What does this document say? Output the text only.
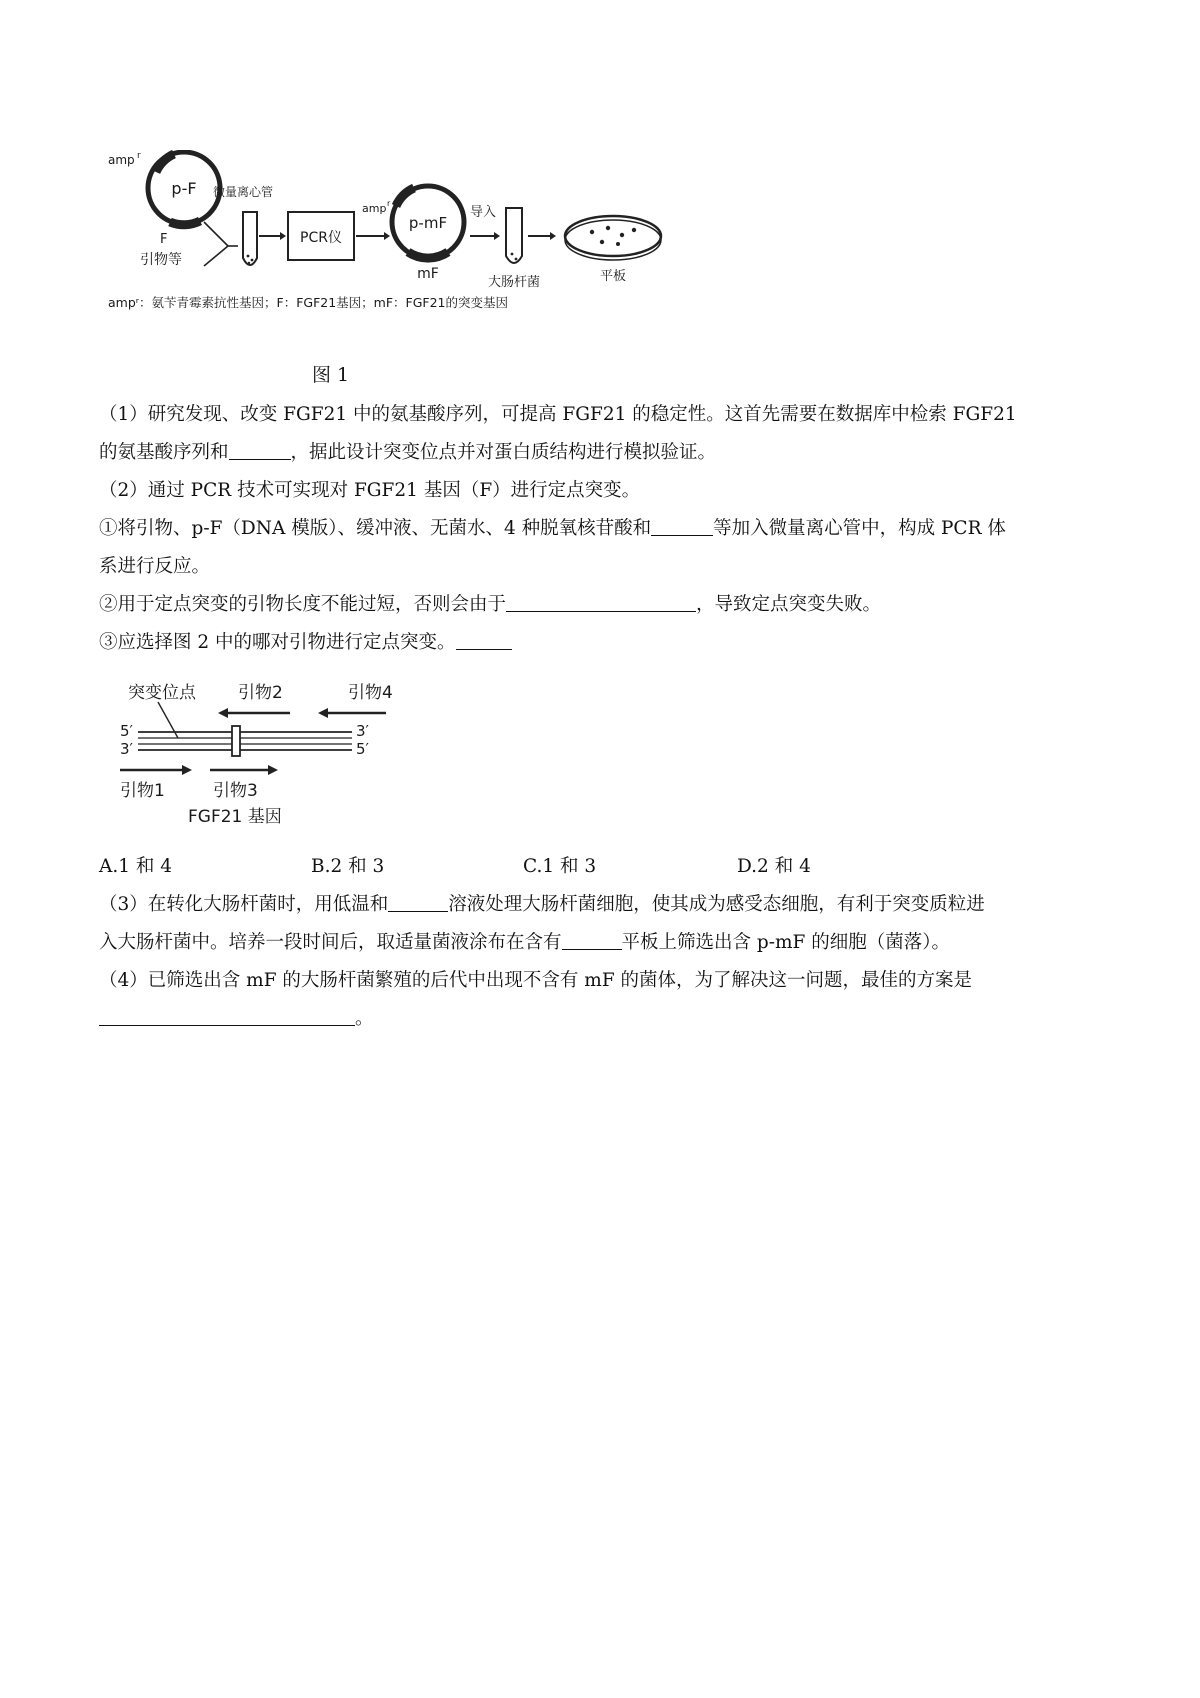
p-F
amp r
F
引物等
微量离心管
PCR仪
amp r
p-mF
mF
导入
大肠杆菌	平板
ampʳ：氨苄青霉素抗性基因；F：FGF21基因；mF：FGF21的突变基因
图 1
（1）研究发现、改变 FGF21 中的氨基酸序列，可提高 FGF21 的稳定性。这首先需要在数据库中检索 FGF21
的氨基酸序列和	，据此设计突变位点并对蛋白质结构进行模拟验证。
（2）通过 PCR 技术可实现对 FGF21 基因（F）进行定点突变。
①将引物、p-F（DNA 模版）、缓冲液、无菌水、4 种脱氧核苷酸和	等加入微量离心管中，构成 PCR 体
系进行反应。
②用于定点突变的引物长度不能过短，否则会由于	，导致定点突变失败。
③应选择图 2 中的哪对引物进行定点突变。
突变位点 引物2	引物4
5′
3′
3′
5′
引物1	引物3
FGF21 基因
A.1 和 4	B.2 和 3	C.1 和 3	D.2 和 4
（3）在转化大肠杆菌时，用低温和	溶液处理大肠杆菌细胞，使其成为感受态细胞，有利于突变质粒进
入大肠杆菌中。培养一段时间后，取适量菌液涂布在含有	平板上筛选出含 p-mF 的细胞（菌落）。
（4）已筛选出含 mF 的大肠杆菌繁殖的后代中出现不含有 mF 的菌体，为了解决这一问题，最佳的方案是
。
